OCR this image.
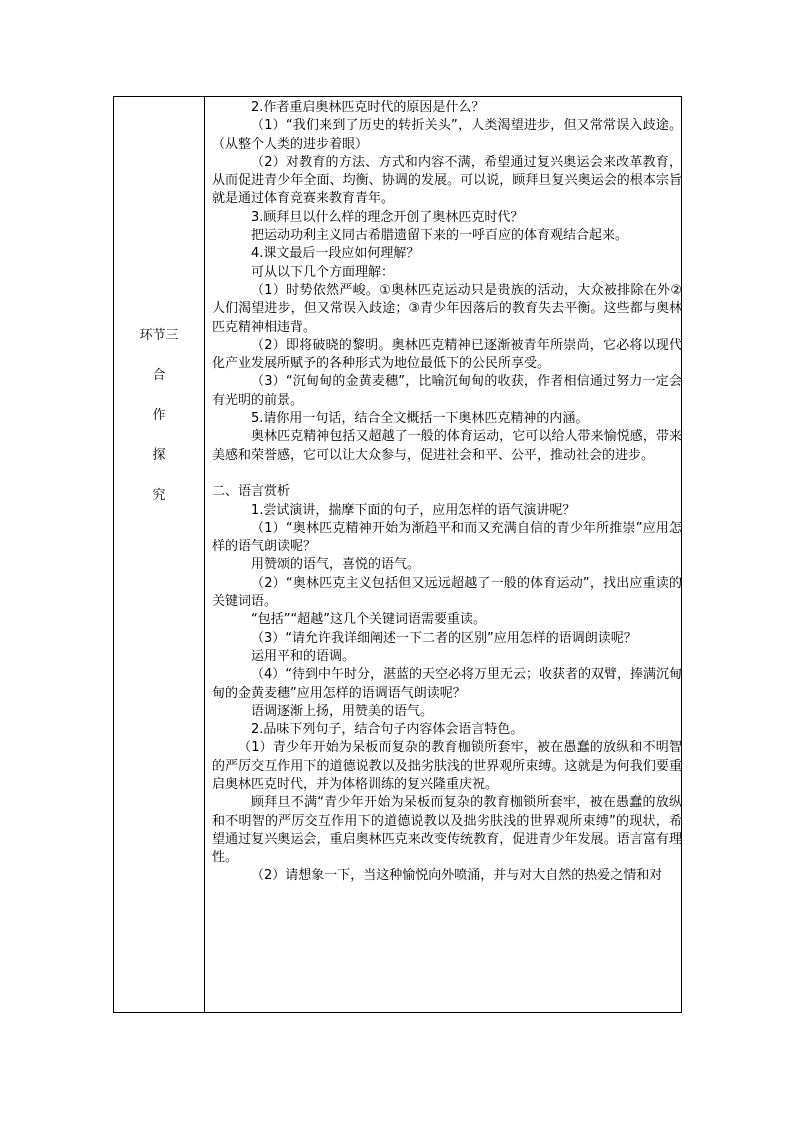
环节三
合
作
探
究

2.作者重启奥林匹克时代的原因是什么？

（1）“我们来到了历史的转折关头”，人类渴望进步，但又常常误入歧途。（从整个人类的进步着眼）

（2）对教育的方法、方式和内容不满，希望通过复兴奥运会来改革教育，从而促进青少年全面、均衡、协调的发展。可以说，顾拜旦复兴奥运会的根本宗旨就是通过体育竞赛来教育青年。

3.顾拜旦以什么样的理念开创了奥林匹克时代？

把运动功利主义同古希腊遗留下来的一呼百应的体育观结合起来。

4.课文最后一段应如何理解？

可从以下几个方面理解：

（1）时势依然严峻。①奥林匹克运动只是贵族的活动，大众被排除在外②人们渴望进步，但又常误入歧途；③青少年因落后的教育失去平衡。这些都与奥林匹克精神相违背。

（2）即将破晓的黎明。奥林匹克精神已逐渐被青年所崇尚，它必将以现代化产业发展所赋予的各种形式为地位最低下的公民所享受。

（3）“沉甸甸的金黄麦穗”，比喻沉甸甸的收获，作者相信通过努力一定会有光明的前景。

5.请你用一句话，结合全文概括一下奥林匹克精神的内涵。

奥林匹克精神包括又超越了一般的体育运动，它可以给人带来愉悦感，带来美感和荣誉感，它可以让大众参与，促进社会和平、公平，推动社会的进步。

二、语言赏析

1.尝试演讲，揣摩下面的句子，应用怎样的语气演讲呢？

（1）“奥林匹克精神开始为渐趋平和而又充满自信的青少年所推崇”应用怎样的语气朗读呢？

用赞颂的语气，喜悦的语气。

（2）“奥林匹克主义包括但又远远超越了一般的体育运动”，找出应重读的关键词语。

“包括”“超越”这几个关键词语需要重读。

（3）“请允许我详细阐述一下二者的区别”应用怎样的语调朗读呢？

运用平和的语调。

（4）“待到中午时分，湛蓝的天空必将万里无云；收获者的双臂，捧满沉甸甸的金黄麦穗”应用怎样的语调语气朗读呢？

语调逐渐上扬，用赞美的语气。

2.品味下列句子，结合句子内容体会语言特色。

（1）青少年开始为呆板而复杂的教育枷锁所套牢，被在愚蠢的放纵和不明智的严厉交互作用下的道德说教以及拙劣肤浅的世界观所束缚。这就是为何我们要重启奥林匹克时代，并为体格训练的复兴隆重庆祝。

顾拜旦不满“青少年开始为呆板而复杂的教育枷锁所套牢，被在愚蠢的放纵和不明智的严厉交互作用下的道德说教以及拙劣肤浅的世界观所束缚”的现状，希望通过复兴奥运会，重启奥林匹克来改变传统教育，促进青少年发展。语言富有理性。

（2）请想象一下，当这种愉悦向外喷涌，并与对大自然的热爱之情和对
